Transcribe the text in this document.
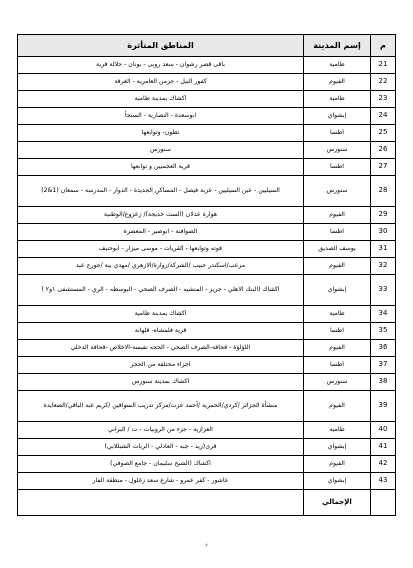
م	إسم المدينة	المناطق المتأثرة
21	طامية	باقى قصر رشوان - سعد روبى - يونان - جلالة قرية
22	الفيوم	كفور النيل - جزمن العامرية - الغرقة
23	طامية	اكشاك بمدينة طامية
24	إبشواي	ابوسعدة - النصارية - السنجأ
25	اطسا	تطون- وتوابعها
26	سنورس	سنورس
27	اطسا	قرية العجميين و توابعها
28	سنورس	السيليين - عين السيليين - عزبة فيصل - المساكن الجديدة - الدوار - المدرسة - سمعان (1&2)
29	الفيوم	هوارة عدلان (الست خديجة)/ زعزوع/الوطنية
30	اطسا	الصوافنة - ابوصير - المعصرة
31	يوسف الصديق	قوته وتوابعها - القريات - موسى ميزار - ابوحنيف
32	الفيوم	مرعب/اسكندر حبيب /الشركة/زوارة/الازهري /مهدي بية /جورج عيد
33	إبشواي	اكشاك (البنك الاهلي - جريز - المنشيه - الصرف الصحي - البوسطه - الري - المستشفى ١و٢ )
34	طامية	اكشاك بمدينة طامية
35	اطسا	قرية قلمشاه- قلهانة
36	الفيوم	اللؤلؤة - قحافة-الصرف الصحي - الحجه نفيسة-الاخلاص -قحافة الدخلي
37	اطسا	اجزاء مختلفة من الحجر
38	سنورس	اكشاك بمدينة سنورس
39	الفيوم	منشأة الجزائر /كردي/الحمرية /أحمد عزت/مركز تدريب السواقين /كريم عبد الباقي/الصعايدة
40	طامية	العزازية - جزء من الروبيات - ت / البراني
41	إبشواي	قرى(زيد - جبه - العادلي - الربات الشبللابي)
42	الفيوم	اكشاك (الشيخ سليمان - جامع الصوفي)
43	إبشواي	عاشور - كفر عمرو - شارع سعد زغلول - منطقة الفار
	الإجمالي	
٢
